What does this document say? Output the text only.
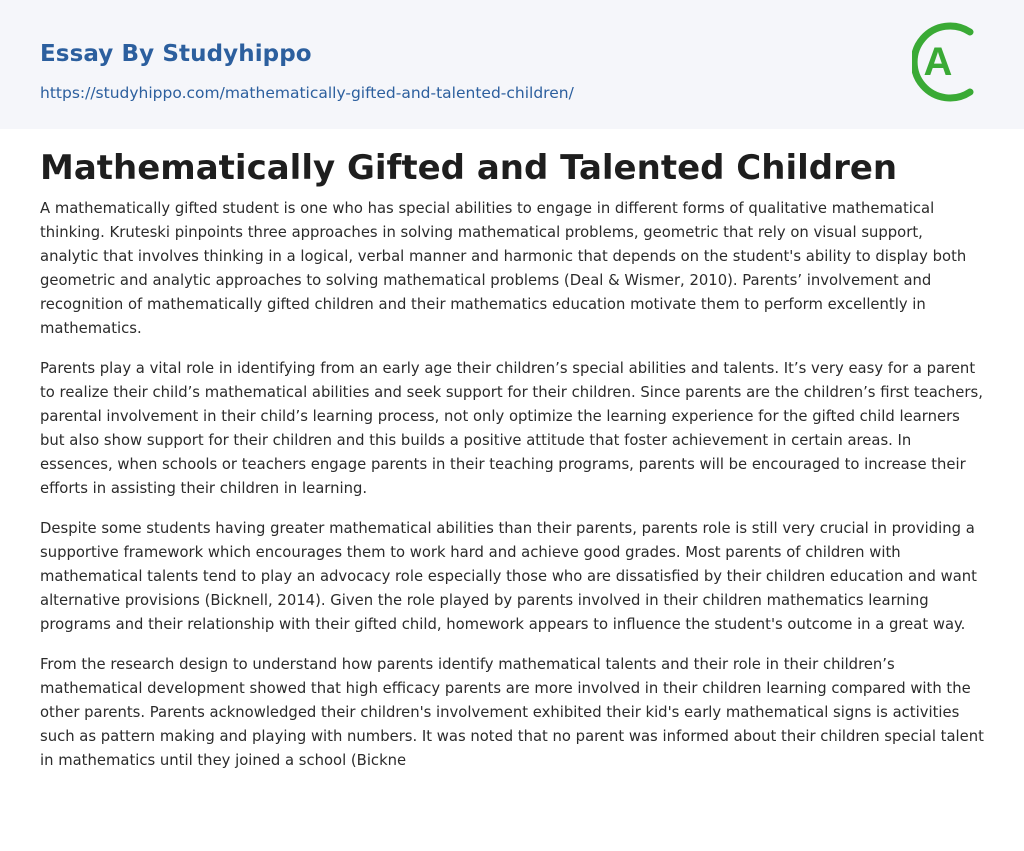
Essay By Studyhippo
https://studyhippo.com/mathematically-gifted-and-talented-children/
A
Mathematically Gifted and Talented Children

A mathematically gifted student is one who has special abilities to engage in different forms of qualitative mathematical thinking. Kruteski pinpoints three approaches in solving mathematical problems, geometric that rely on visual support, analytic that involves thinking in a logical, verbal manner and harmonic that depends on the student's ability to display both geometric and analytic approaches to solving mathematical problems (Deal & Wismer, 2010). Parents’ involvement and recognition of mathematically gifted children and their mathematics education motivate them to perform excellently in mathematics.

Parents play a vital role in identifying from an early age their children’s special abilities and talents. It’s very easy for a parent to realize their child’s mathematical abilities and seek support for their children. Since parents are the children’s first teachers, parental involvement in their child’s learning process, not only optimize the learning experience for the gifted child learners but also show support for their children and this builds a positive attitude that foster achievement in certain areas. In essences, when schools or teachers engage parents in their teaching programs, parents will be encouraged to increase their efforts in assisting their children in learning.

Despite some students having greater mathematical abilities than their parents, parents role is still very crucial in providing a supportive framework which encourages them to work hard and achieve good grades. Most parents of children with mathematical talents tend to play an advocacy role especially those who are dissatisfied by their children education and want alternative provisions (Bicknell, 2014). Given the role played by parents involved in their children mathematics learning programs and their relationship with their gifted child, homework appears to influence the student's outcome in a great way.

From the research design to understand how parents identify mathematical talents and their role in their children’s mathematical development showed that high efficacy parents are more involved in their children learning compared with the other parents. Parents acknowledged their children's involvement exhibited their kid's early mathematical signs is activities such as pattern making and playing with numbers. It was noted that no parent was informed about their children special talent in mathematics until they joined a school (Bickne
